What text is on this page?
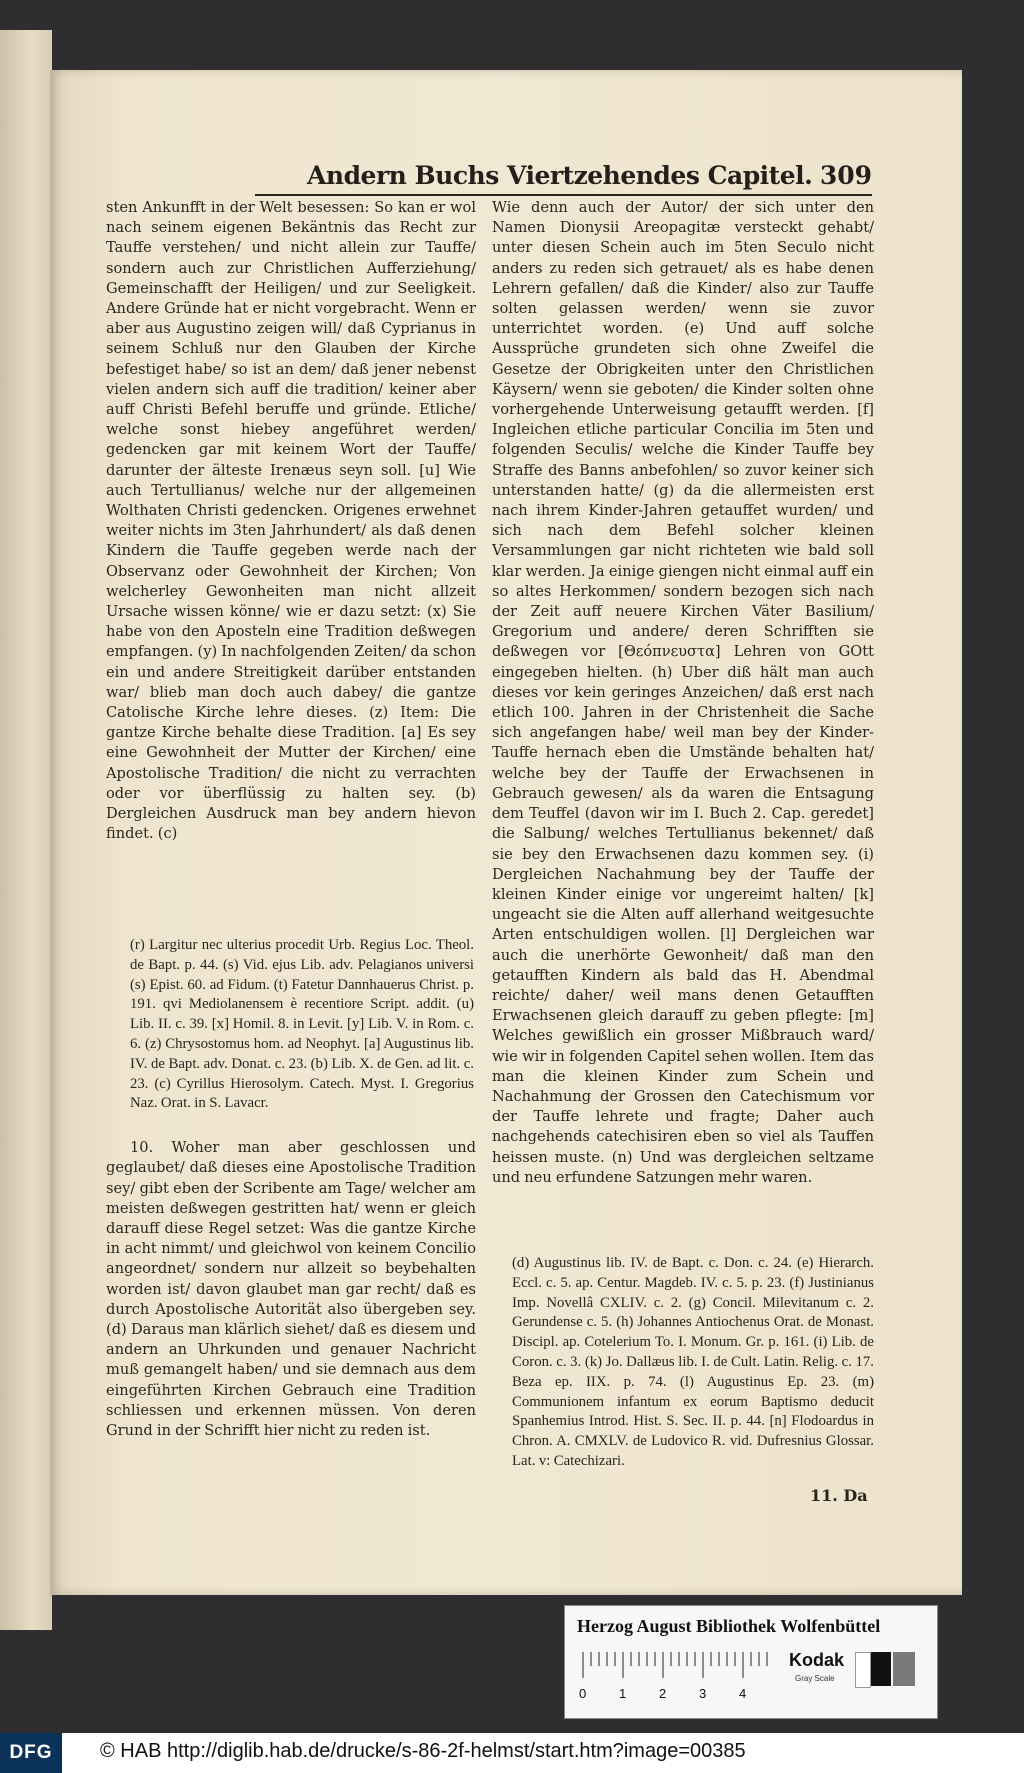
Andern Buchs Viertzehendes Capitel. 309

sten Ankunfft in der Welt besessen: So kan er wol nach seinem eigenen Bekäntnis das Recht zur Tauffe verstehen/ und nicht allein zur Tauffe/ sondern auch zur Christlichen Aufferziehung/ Gemeinschafft der Heiligen/ und zur Seeligkeit. Andere Gründe hat er nicht vorgebracht. Wenn er aber aus Augustino zeigen will/ daß Cyprianus in seinem Schluß nur den Glauben der Kirche befestiget habe/ so ist an dem/ daß jener nebenst vielen andern sich auff die tradition/ keiner aber auff Christi Befehl beruffe und gründe. Etliche/ welche sonst hiebey angeführet werden/ gedencken gar mit keinem Wort der Tauffe/ darunter der älteste Irenæus seyn soll. [u] Wie auch Tertullianus/ welche nur der allgemeinen Wolthaten Christi gedencken. Origenes erwehnet weiter nichts im 3ten Jahrhundert/ als daß denen Kindern die Tauffe gegeben werde nach der Observanz oder Gewohnheit der Kirchen; Von welcherley Gewonheiten man nicht allzeit Ursache wissen könne/ wie er dazu setzt: (x) Sie habe von den Aposteln eine Tradition deßwegen empfangen. (y) In nachfolgenden Zeiten/ da schon ein und andere Streitigkeit darüber entstanden war/ blieb man doch auch dabey/ die gantze Catolische Kirche lehre dieses. (z) Item: Die gantze Kirche behalte diese Tradition. [a] Es sey eine Gewohnheit der Mutter der Kirchen/ eine Apostolische Tradition/ die nicht zu verrachten oder vor überflüssig zu halten sey. (b) Dergleichen Ausdruck man bey andern hievon findet. (c)

(r) Largitur nec ulterius procedit Urb. Regius Loc. Theol. de Bapt. p. 44. (s) Vid. ejus Lib. adv. Pelagianos universi (s) Epist. 60. ad Fidum. (t) Fatetur Dannhauerus Christ. p. 191. qvi Mediolanensem è recentiore Script. addit. (u) Lib. II. c. 39. [x] Homil. 8. in Levit. [y] Lib. V. in Rom. c. 6. (z) Chrysostomus hom. ad Neophyt. [a] Augustinus lib. IV. de Bapt. adv. Donat. c. 23. (b) Lib. X. de Gen. ad lit. c. 23. (c) Cyrillus Hierosolym. Catech. Myst. I. Gregorius Naz. Orat. in S. Lavacr.

10. Woher man aber geschlossen und geglaubet/ daß dieses eine Apostolische Tradition sey/ gibt eben der Scribente am Tage/ welcher am meisten deßwegen gestritten hat/ wenn er gleich darauff diese Regel setzet: Was die gantze Kirche in acht nimmt/ und gleichwol von keinem Concilio angeordnet/ sondern nur allzeit so beybehalten worden ist/ davon glaubet man gar recht/ daß es durch Apostolische Autorität also übergeben sey. (d) Daraus man klärlich siehet/ daß es diesem und andern an Uhrkunden und genauer Nachricht muß gemangelt haben/ und sie demnach aus dem eingeführten Kirchen Gebrauch eine Tradition schliessen und erkennen müssen. Von deren Grund in der Schrifft hier nicht zu reden ist.

Wie denn auch der Autor/ der sich unter den Namen Dionysii Areopagitæ versteckt gehabt/ unter diesen Schein auch im 5ten Seculo nicht anders zu reden sich getrauet/ als es habe denen Lehrern gefallen/ daß die Kinder/ also zur Tauffe solten gelassen werden/ wenn sie zuvor unterrichtet worden. (e) Und auff solche Aussprüche grundeten sich ohne Zweifel die Gesetze der Obrigkeiten unter den Christlichen Käysern/ wenn sie geboten/ die Kinder solten ohne vorhergehende Unterweisung getaufft werden. [f] Ingleichen etliche particular Concilia im 5ten und folgenden Seculis/ welche die Kinder Tauffe bey Straffe des Banns anbefohlen/ so zuvor keiner sich unterstanden hatte/ (g) da die allermeisten erst nach ihrem Kinder-Jahren getauffet wurden/ und sich nach dem Befehl solcher kleinen Versammlungen gar nicht richteten wie bald soll klar werden. Ja einige giengen nicht einmal auff ein so altes Herkommen/ sondern bezogen sich nach der Zeit auff neuere Kirchen Väter Basilium/ Gregorium und andere/ deren Schrifften sie deßwegen vor [Θεόπνευστα] Lehren von GOtt eingegeben hielten. (h) Uber diß hält man auch dieses vor kein geringes Anzeichen/ daß erst nach etlich 100. Jahren in der Christenheit die Sache sich angefangen habe/ weil man bey der Kinder-Tauffe hernach eben die Umstände behalten hat/ welche bey der Tauffe der Erwachsenen in Gebrauch gewesen/ als da waren die Entsagung dem Teuffel (davon wir im I. Buch 2. Cap. geredet] die Salbung/ welches Tertullianus bekennet/ daß sie bey den Erwachsenen dazu kommen sey. (i) Dergleichen Nachahmung bey der Tauffe der kleinen Kinder einige vor ungereimt halten/ [k] ungeacht sie die Alten auff allerhand weitgesuchte Arten entschuldigen wollen. [l] Dergleichen war auch die unerhörte Gewonheit/ daß man den getaufften Kindern als bald das H. Abendmal reichte/ daher/ weil mans denen Getaufften Erwachsenen gleich darauff zu geben pflegte: [m] Welches gewißlich ein grosser Mißbrauch ward/ wie wir in folgenden Capitel sehen wollen. Item das man die kleinen Kinder zum Schein und Nachahmung der Grossen den Catechismum vor der Tauffe lehrete und fragte; Daher auch nachgehends catechisiren eben so viel als Tauffen heissen muste. (n) Und was dergleichen seltzame und neu erfundene Satzungen mehr waren.

(d) Augustinus lib. IV. de Bapt. c. Don. c. 24. (e) Hierarch. Eccl. c. 5. ap. Centur. Magdeb. IV. c. 5. p. 23. (f) Justinianus Imp. Novellâ CXLIV. c. 2. (g) Concil. Milevitanum c. 2. Gerundense c. 5. (h) Johannes Antiochenus Orat. de Monast. Discipl. ap. Cotelerium To. I. Monum. Gr. p. 161. (i) Lib. de Coron. c. 3. (k) Jo. Dallæus lib. I. de Cult. Latin. Relig. c. 17. Beza ep. IIX. p. 74. (l) Augustinus Ep. 23. (m) Communionem infantum ex eorum Baptismo deducit Spanhemius Introd. Hist. S. Sec. II. p. 44. [n] Flodoardus in Chron. A. CMXLV. de Ludovico R. vid. Dufresnius Glossar. Lat. v: Catechizari.

11. Da
Herzog August Bibliothek Wolfenbüttel
0	1	2	3	4
Kodak
Gray Scale
DFG	© HAB http://diglib.hab.de/drucke/s-86-2f-helmst/start.htm?image=00385
